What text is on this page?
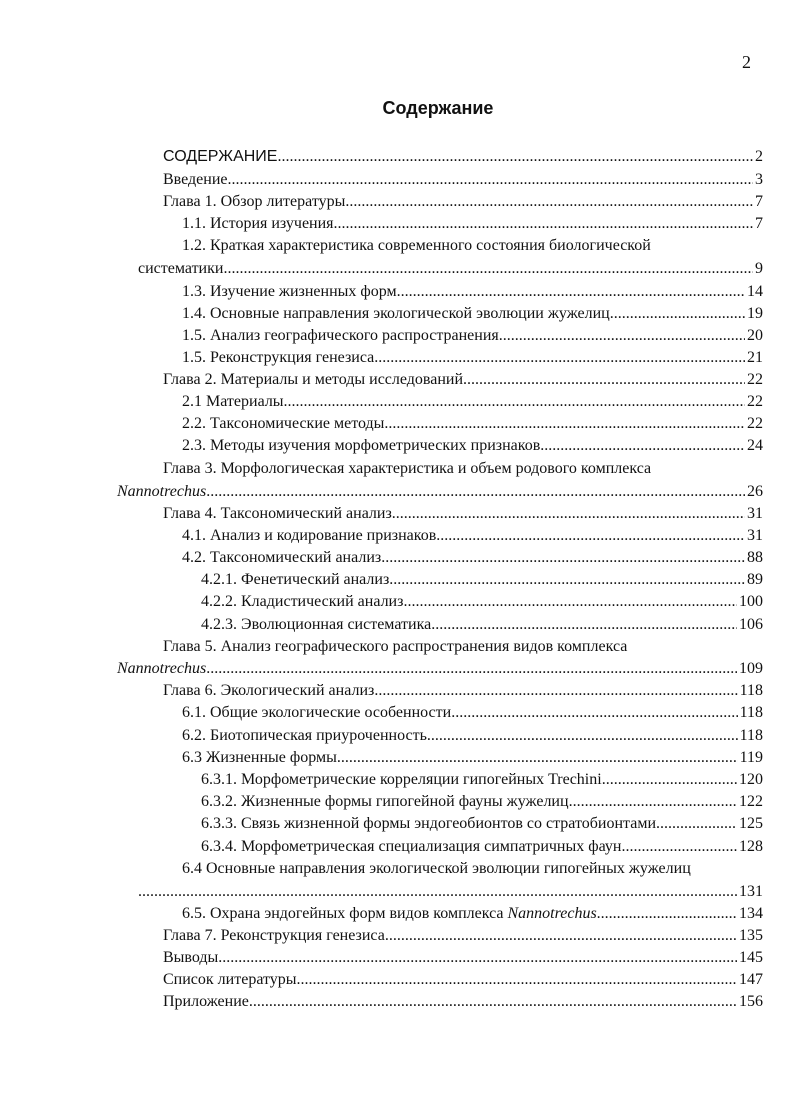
2
Содержание
СОДЕРЖАНИЕ . . .	2
Введение . . .	3
Глава 1. Обзор литературы . . .	7
1.1. История изучения . . .	7
1.2. Краткая характеристика современного состояния биологической
систематики . . .	9
1.3. Изучение жизненных форм . . .	14
1.4. Основные направления экологической эволюции жужелиц . . .	19
1.5. Анализ географического распространения . . .	20
1.5. Реконструкция генезиса . . .	21
Глава 2. Материалы и методы исследований . . .	22
2.1 Материалы . . .	22
2.2. Таксономические методы . . .	22
2.3. Методы изучения морфометрических признаков . . .	24
Глава 3. Морфологическая характеристика и объем родового комплекса
Nannotrechus . . .	26
Глава 4. Таксономический анализ . . .	31
4.1. Анализ и кодирование признаков . . .	31
4.2. Таксономический анализ . . .	88
4.2.1. Фенетический анализ. . . .	89
4.2.2. Кладистический анализ . . .	100
4.2.3. Эволюционная систематика . . .	106
Глава 5. Анализ географического распространения видов комплекса
Nannotrechus . . .	109
Глава 6. Экологический анализ . . .	118
6.1. Общие экологические особенности . . .	118
6.2. Биотопическая приуроченность . . .	118
6.3 Жизненные формы . . .	119
6.3.1. Морфометрические корреляции гипогейных Trechini . . .	120
6.3.2. Жизненные формы гипогейной фауны жужелиц . . .	122
6.3.3. Связь жизненной формы эндогеобионтов со стратобионтами . . .	125
6.3.4. Морфометрическая специализация симпатричных фаун . . .	128
6.4 Основные направления экологической эволюции гипогейных жужелиц
. . .
131
6.5. Охрана эндогейных форм видов комплекса Nannotrechus . . .	134
Глава 7. Реконструкция генезиса . . .	135
Выводы . . .	145
Список литературы . . .	147
Приложение . . .	156
